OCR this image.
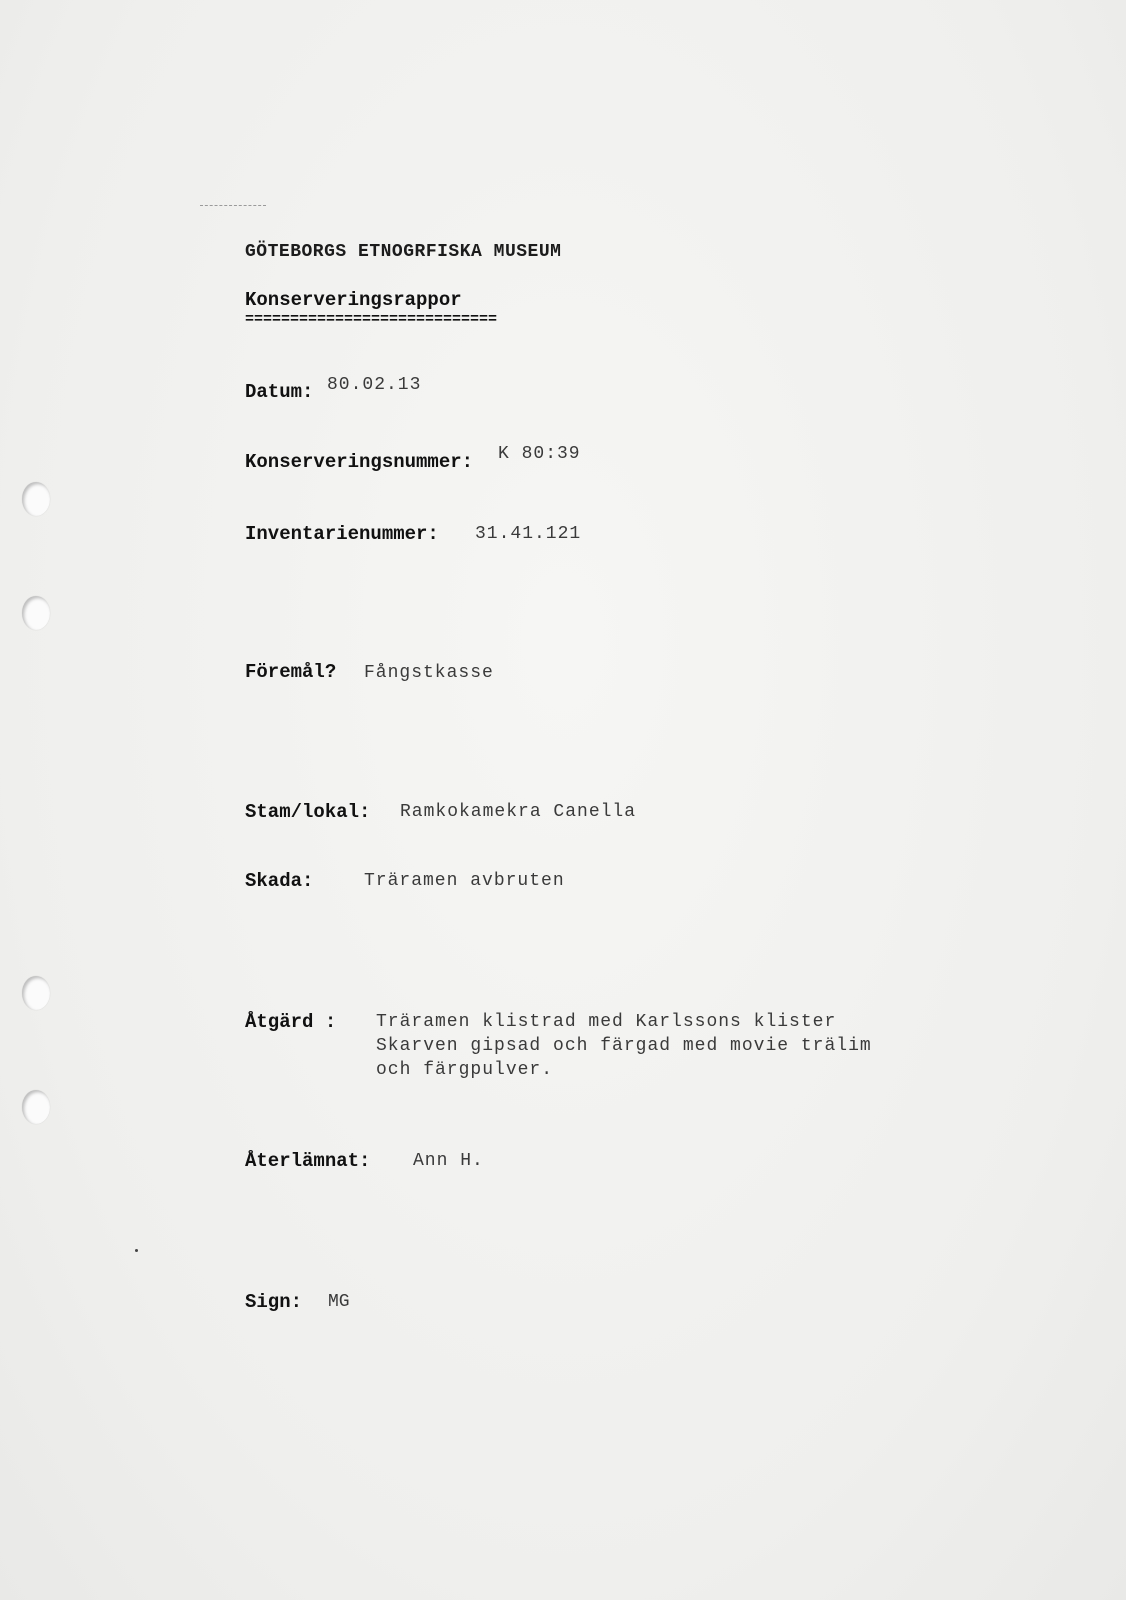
GÖTEBORGS ETNOGRFISKA MUSEUM
Konserveringsrappor
============================
Datum: 80.02.13
Konserveringsnummer: K 80:39
Inventarienummer: 31.41.121
Föremål? Fångstkasse
Stam/lokal: Ramkokamekra Canella
Skada:	Träramen avbruten
Åtgärd : Träramen klistrad med Karlssons klister
Skarven gipsad och färgad med movie trälim
och färgpulver.
Återlämnat: Ann H.
Sign: MG
